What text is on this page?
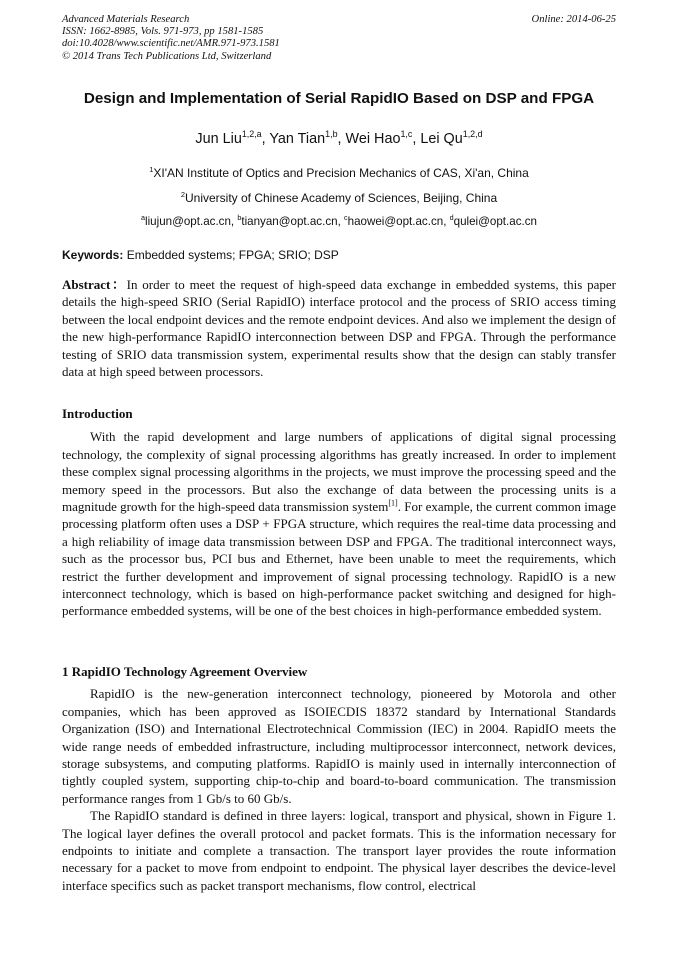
Advanced Materials Research
ISSN: 1662-8985, Vols. 971-973, pp 1581-1585
doi:10.4028/www.scientific.net/AMR.971-973.1581
© 2014 Trans Tech Publications Ltd, Switzerland
Online: 2014-06-25
Design and Implementation of Serial RapidIO Based on DSP and FPGA
Jun Liu$^{1,2,a}$, Yan Tian$^{1,b}$, Wei Hao$^{1,c}$, Lei Qu$^{1,2,d}$
$^1$XI'AN Institute of Optics and Precision Mechanics of CAS, Xi'an, China
$^2$University of Chinese Academy of Sciences, Beijing, China
$^a$liujun@opt.ac.cn, $^b$tianyan@opt.ac.cn, $^c$haowei@opt.ac.cn, $^d$qulei@opt.ac.cn
Keywords: Embedded systems; FPGA; SRIO; DSP

Abstract：In order to meet the request of high-speed data exchange in embedded systems, this paper details the high-speed SRIO (Serial RapidIO) interface protocol and the process of SRIO access timing between the local endpoint devices and the remote endpoint devices. And also we implement the design of the new high-performance RapidIO interconnection between DSP and FPGA. Through the performance testing of SRIO data transmission system, experimental results show that the design can stably transfer data at high speed between processors.

Introduction

With the rapid development and large numbers of applications of digital signal processing technology, the complexity of signal processing algorithms has greatly increased. In order to implement these complex signal processing algorithms in the projects, we must improve the processing speed and the memory speed in the processors. But also the exchange of data between the processing units is a magnitude growth for the high-speed data transmission system[1]. For example, the current common image processing platform often uses a DSP + FPGA structure, which requires the real-time data processing and a high reliability of image data transmission between DSP and FPGA. The traditional interconnect ways, such as the processor bus, PCI bus and Ethernet, have been unable to meet the requirements, which restrict the further development and improvement of signal processing technology. RapidIO is a new interconnect technology, which is based on high-performance packet switching and designed for high-performance embedded systems, will be one of the best choices in high-performance embedded system.

1 RapidIO Technology Agreement Overview

RapidIO is the new-generation interconnect technology, pioneered by Motorola and other companies, which has been approved as ISOIECDIS 18372 standard by International Standards Organization (ISO) and International Electrotechnical Commission (IEC) in 2004. RapidIO meets the wide range needs of embedded infrastructure, including multiprocessor interconnect, network devices, storage subsystems, and computing platforms. RapidIO is mainly used in internally interconnection of tightly coupled system, supporting chip-to-chip and board-to-board communication. The transmission performance ranges from 1 Gb/s to 60 Gb/s.

The RapidIO standard is defined in three layers: logical, transport and physical, shown in Figure 1. The logical layer defines the overall protocol and packet formats. This is the information necessary for endpoints to initiate and complete a transaction. The transport layer provides the route information necessary for a packet to move from endpoint to endpoint. The physical layer describes the device-level interface specifics such as packet transport mechanisms, flow control, electrical
